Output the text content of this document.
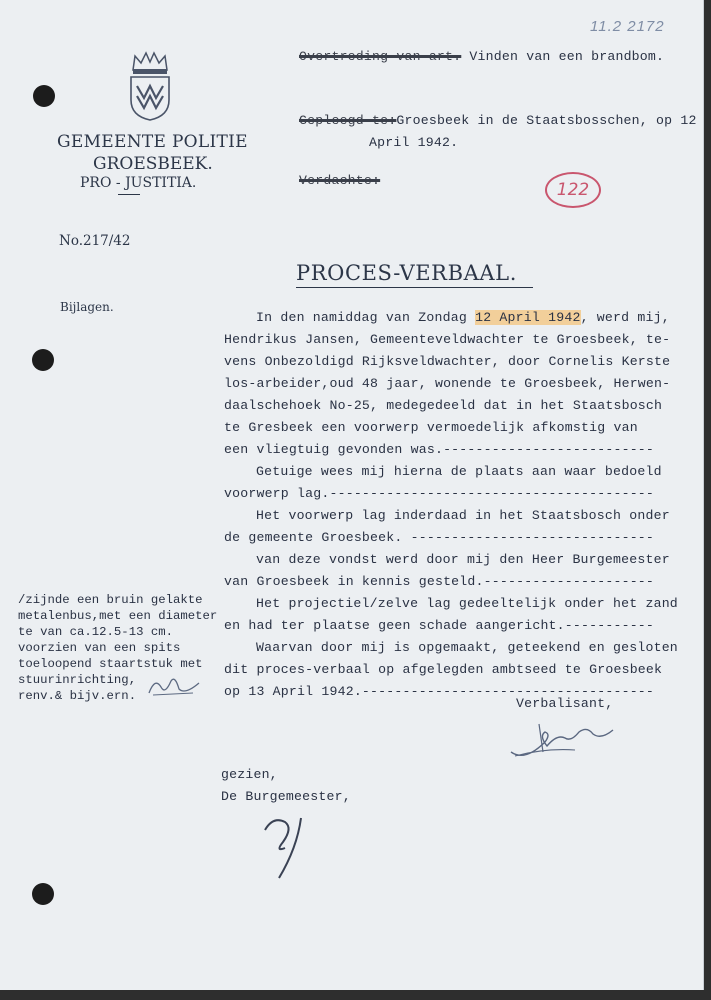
11.2 2172
GEMEENTE POLITIE
GROESBEEK.
PRO - JUSTITIA.
No.217/42
Bijlagen.
Overtreding van art. Vinden van een brandbom.
Gepleegd te:Groesbeek in de Staatsbosschen, op 12
April 1942.
Verdachte:	122
PROCES-VERBAAL.
In den namiddag van Zondag 12 April 1942, werd mij,
Hendrikus Jansen, Gemeenteveldwachter te Groesbeek, te-
vens Onbezoldigd Rijksveldwachter, door Cornelis Kerste
los-arbeider,oud 48 jaar, wonende te Groesbeek, Herwen-
daalschehoek No-25, medegedeeld dat in het Staatsbosch
te Gresbeek een voorwerp vermoedelijk afkomstig van
een vliegtuig gevonden was.--------------------------
Getuige wees mij hierna de plaats aan waar bedoeld
voorwerp lag.----------------------------------------
Het voorwerp lag inderdaad in het Staatsbosch onder
de gemeente Groesbeek. ------------------------------
van deze vondst werd door mij den Heer Burgemeester
van Groesbeek in kennis gesteld.---------------------
Het projectiel/zelve lag gedeeltelijk onder het zand
en had ter plaatse geen schade aangericht.-----------
Waarvan door mij is opgemaakt, geteekend en gesloten
dit proces-verbaal op afgelegden ambtseed te Groesbeek
op 13 April 1942.------------------------------------
/zijnde een bruin gelakte
metalenbus,met een diameter
te van ca.12.5-13 cm.
voorzien van een spits
toeloopend staartstuk met
stuurinrichting,
renv.& bijv.ern.	Verbalisant,
gezien,
De Burgemeester,
